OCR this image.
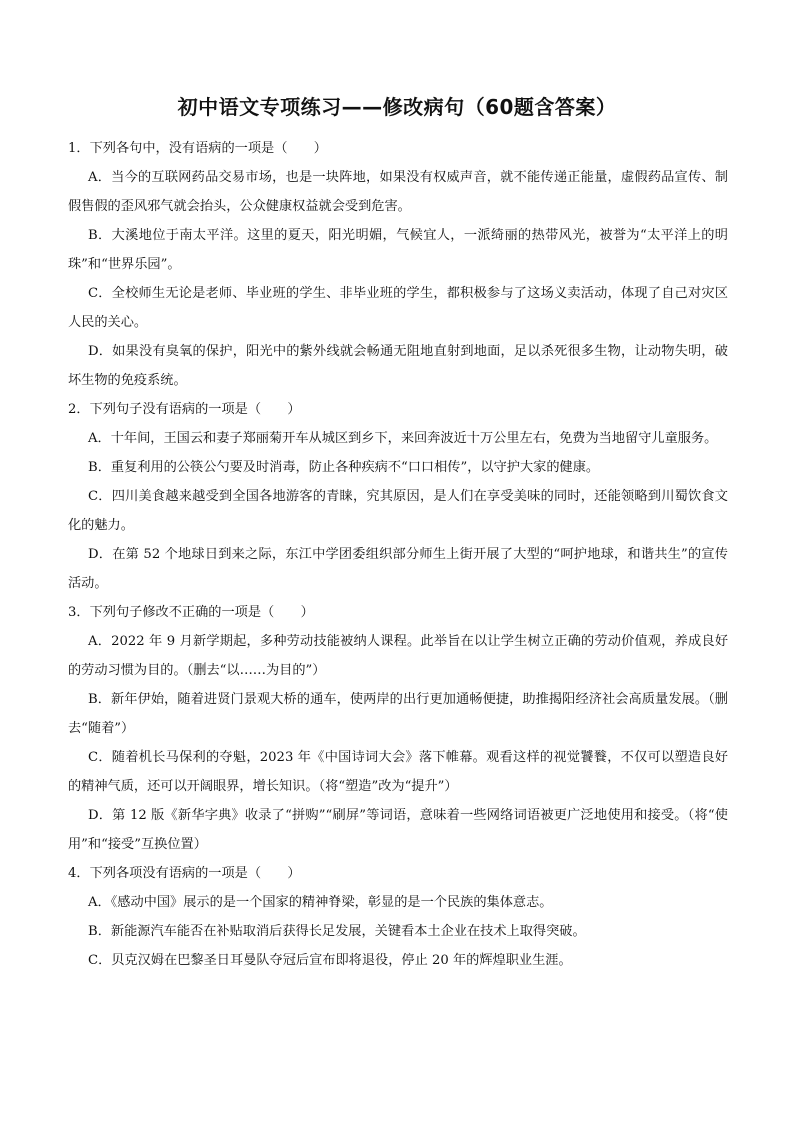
初中语文专项练习——修改病句（60题含答案）

1．下列各句中，没有语病的一项是（　　）

A．当今的互联网药品交易市场，也是一块阵地，如果没有权威声音，就不能传递正能量，虚假药品宣传、制假售假的歪风邪气就会抬头，公众健康权益就会受到危害。

B．大溪地位于南太平洋。这里的夏天，阳光明媚，气候宜人，一派绮丽的热带风光，被誉为“太平洋上的明珠”和“世界乐园”。

C．全校师生无论是老师、毕业班的学生、非毕业班的学生，都积极参与了这场义卖活动，体现了自己对灾区人民的关心。

D．如果没有臭氧的保护，阳光中的紫外线就会畅通无阻地直射到地面，足以杀死很多生物，让动物失明，破坏生物的免疫系统。

2．下列句子没有语病的一项是（　　）

A．十年间，王国云和妻子郑丽菊开车从城区到乡下，来回奔波近十万公里左右，免费为当地留守儿童服务。

B．重复利用的公筷公勺要及时消毒，防止各种疾病不“口口相传”，以守护大家的健康。

C．四川美食越来越受到全国各地游客的青睐，究其原因，是人们在享受美味的同时，还能领略到川蜀饮食文化的魅力。

D．在第 52 个地球日到来之际，东江中学团委组织部分师生上街开展了大型的“呵护地球，和谐共生”的宣传活动。

3．下列句子修改不正确的一项是（　　）

A．2022 年 9 月新学期起，多种劳动技能被纳人课程。此举旨在以让学生树立正确的劳动价值观，养成良好的劳动习惯为目的。（删去“以……为目的”）

B．新年伊始，随着进贤门景观大桥的通车，使两岸的出行更加通畅便捷，助推揭阳经济社会高质量发展。（删去“随着”）

C．随着机长马保利的夺魁，2023 年《中国诗词大会》落下帷幕。观看这样的视觉饕餮，不仅可以塑造良好的精神气质，还可以开阔眼界，增长知识。（将“塑造”改为“提升”）

D．第 12 版《新华字典》收录了“拼购”“刷屏”等词语，意味着一些网络词语被更广泛地使用和接受。（将“使用”和“接受”互换位置）

4．下列各项没有语病的一项是（　　）

A．《感动中国》展示的是一个国家的精神脊梁，彰显的是一个民族的集体意志。

B．新能源汽车能否在补贴取消后获得长足发展，关键看本土企业在技术上取得突破。

C．贝克汉姆在巴黎圣日耳曼队夺冠后宣布即将退役，停止 20 年的辉煌职业生涯。
